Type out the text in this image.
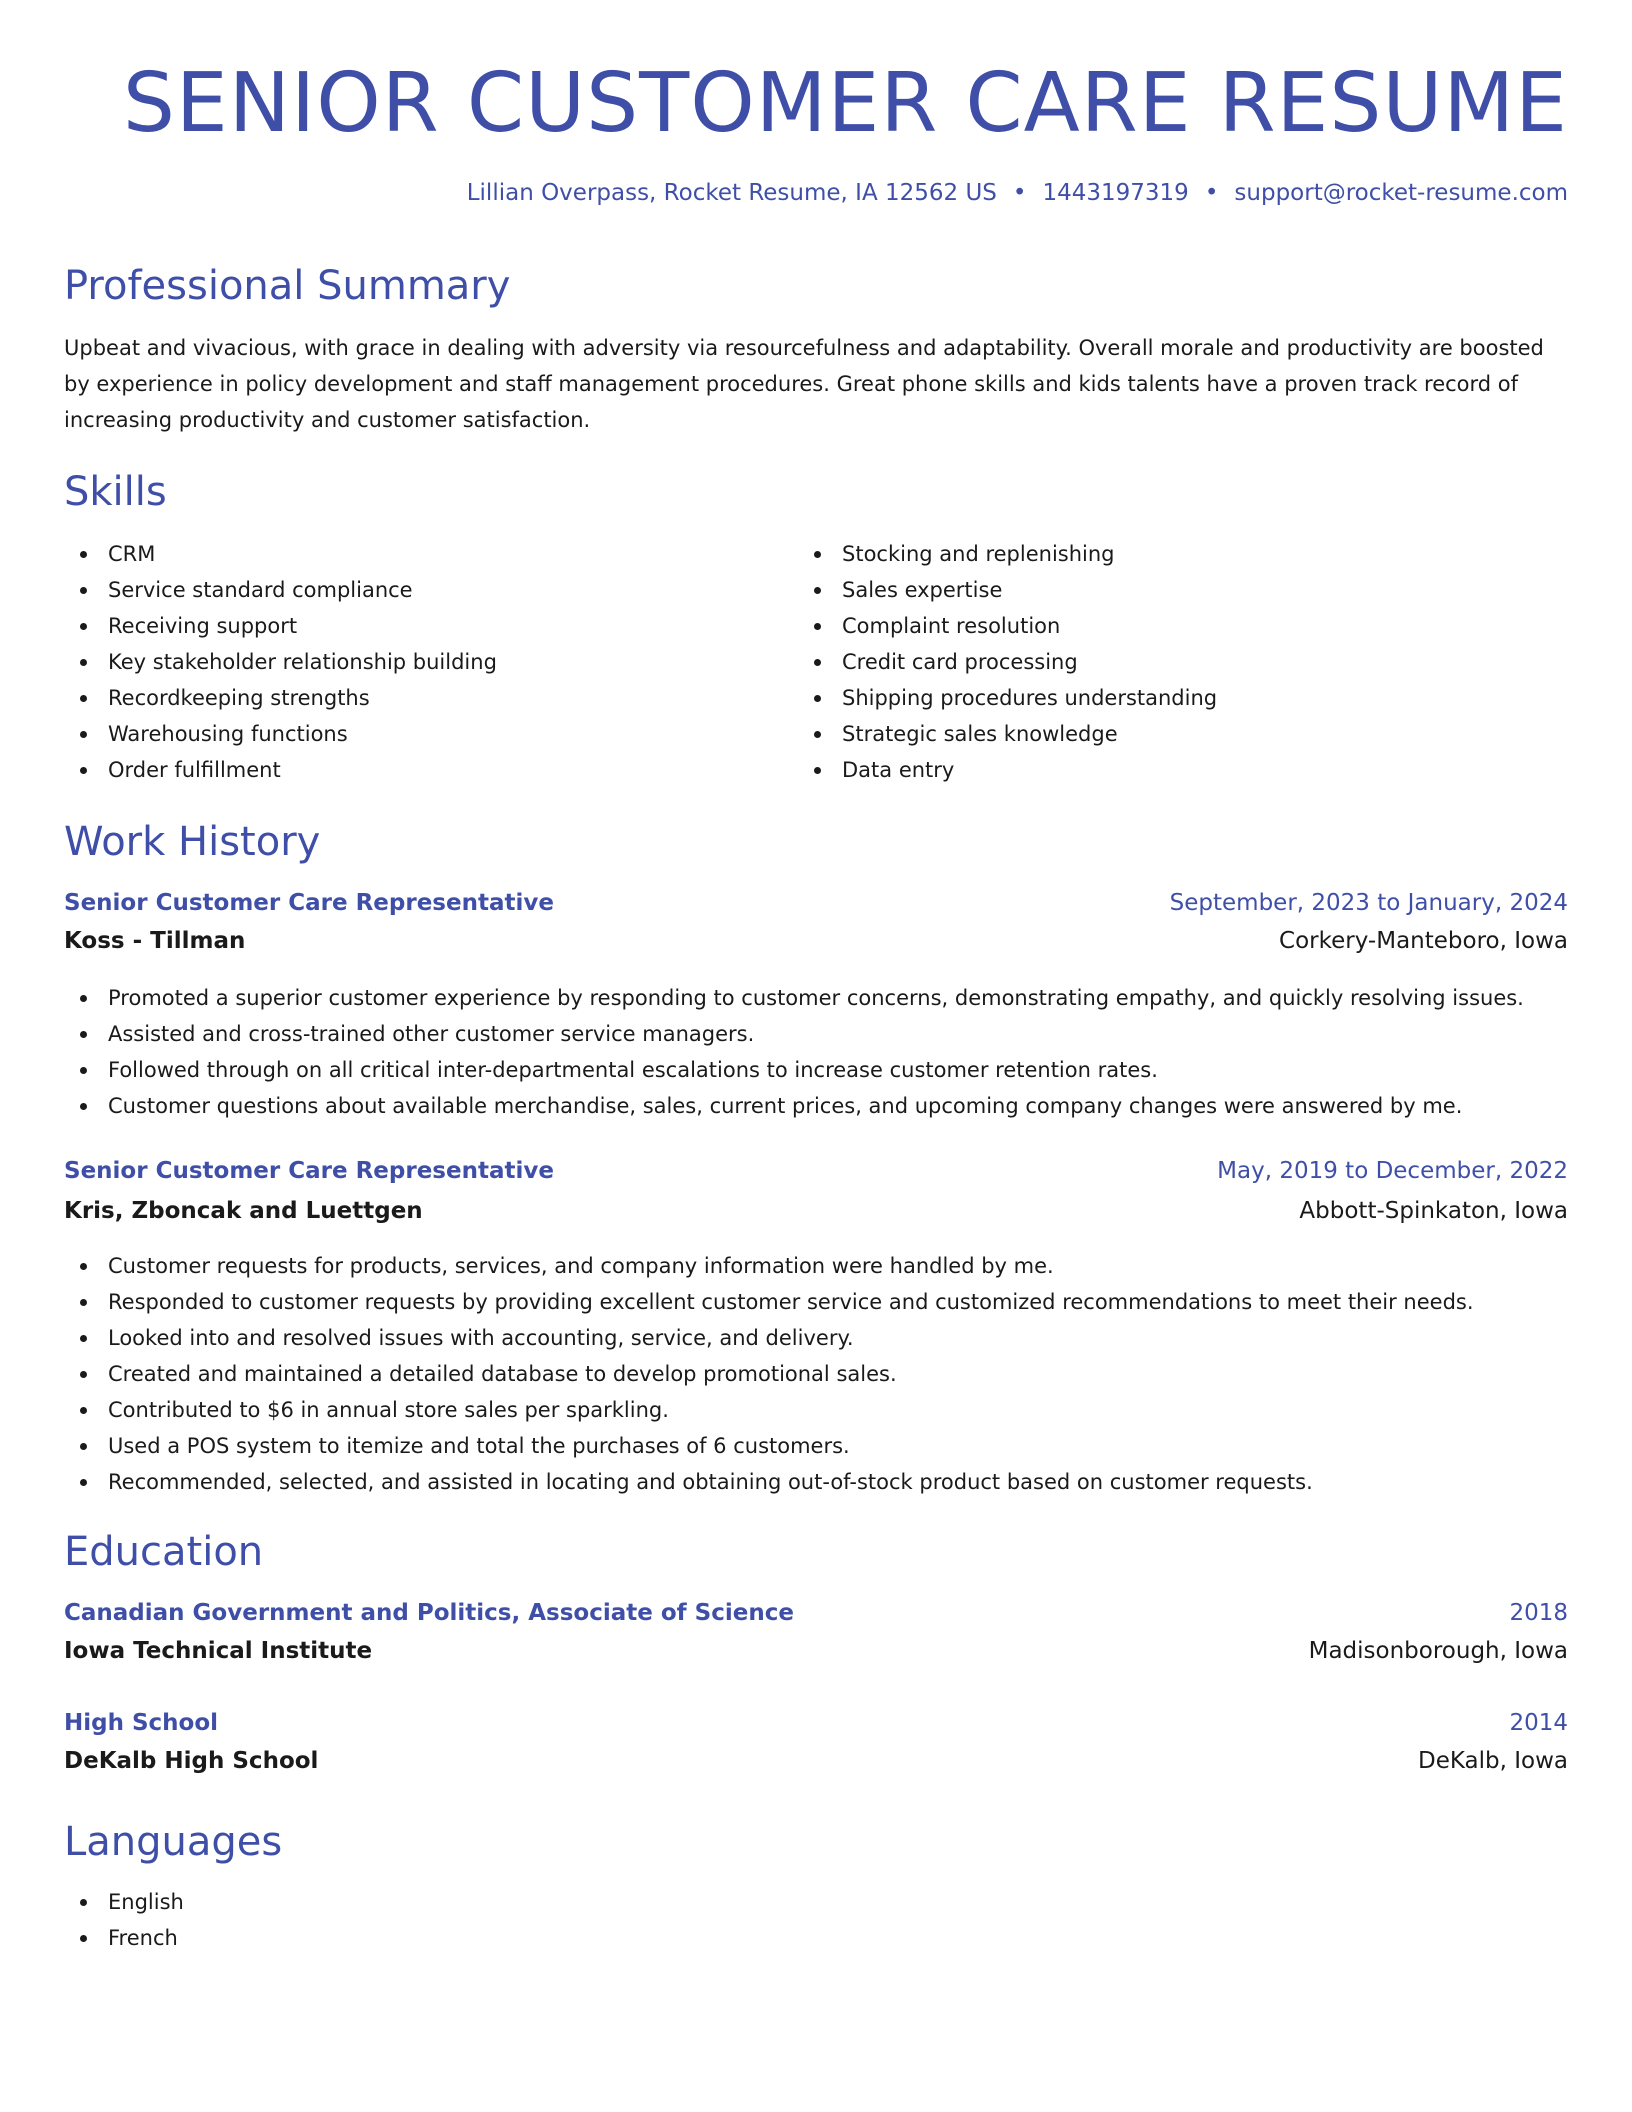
SENIOR CUSTOMER CARE RESUME
Lillian Overpass, Rocket Resume, IA 12562 US • 1443197319 • support@rocket-resume.com
Professional Summary

Upbeat and vivacious, with grace in dealing with adversity via resourcefulness and adaptability. Overall morale and productivity are boosted by experience in policy development and staff management procedures. Great phone skills and kids talents have a proven track record of increasing productivity and customer satisfaction.

Skills
CRM
Service standard compliance
Receiving support
Key stakeholder relationship building
Recordkeeping strengths
Warehousing functions
Order fulfillment
Stocking and replenishing
Sales expertise
Complaint resolution
Credit card processing
Shipping procedures understanding
Strategic sales knowledge
Data entry
Work History
Senior Customer Care Representative	September, 2023 to January, 2024
Koss - Tillman	Corkery-Manteboro, Iowa
Promoted a superior customer experience by responding to customer concerns, demonstrating empathy, and quickly resolving issues.
Assisted and cross-trained other customer service managers.
Followed through on all critical inter-departmental escalations to increase customer retention rates.
Customer questions about available merchandise, sales, current prices, and upcoming company changes were answered by me.
Senior Customer Care Representative	May, 2019 to December, 2022
Kris, Zboncak and Luettgen	Abbott-Spinkaton, Iowa
Customer requests for products, services, and company information were handled by me.
Responded to customer requests by providing excellent customer service and customized recommendations to meet their needs.
Looked into and resolved issues with accounting, service, and delivery.
Created and maintained a detailed database to develop promotional sales.
Contributed to $6 in annual store sales per sparkling.
Used a POS system to itemize and total the purchases of 6 customers.
Recommended, selected, and assisted in locating and obtaining out-of-stock product based on customer requests.
Education
Canadian Government and Politics, Associate of Science	2018
Iowa Technical Institute	Madisonborough, Iowa
High School	2014
DeKalb High School	DeKalb, Iowa
Languages
English
French
